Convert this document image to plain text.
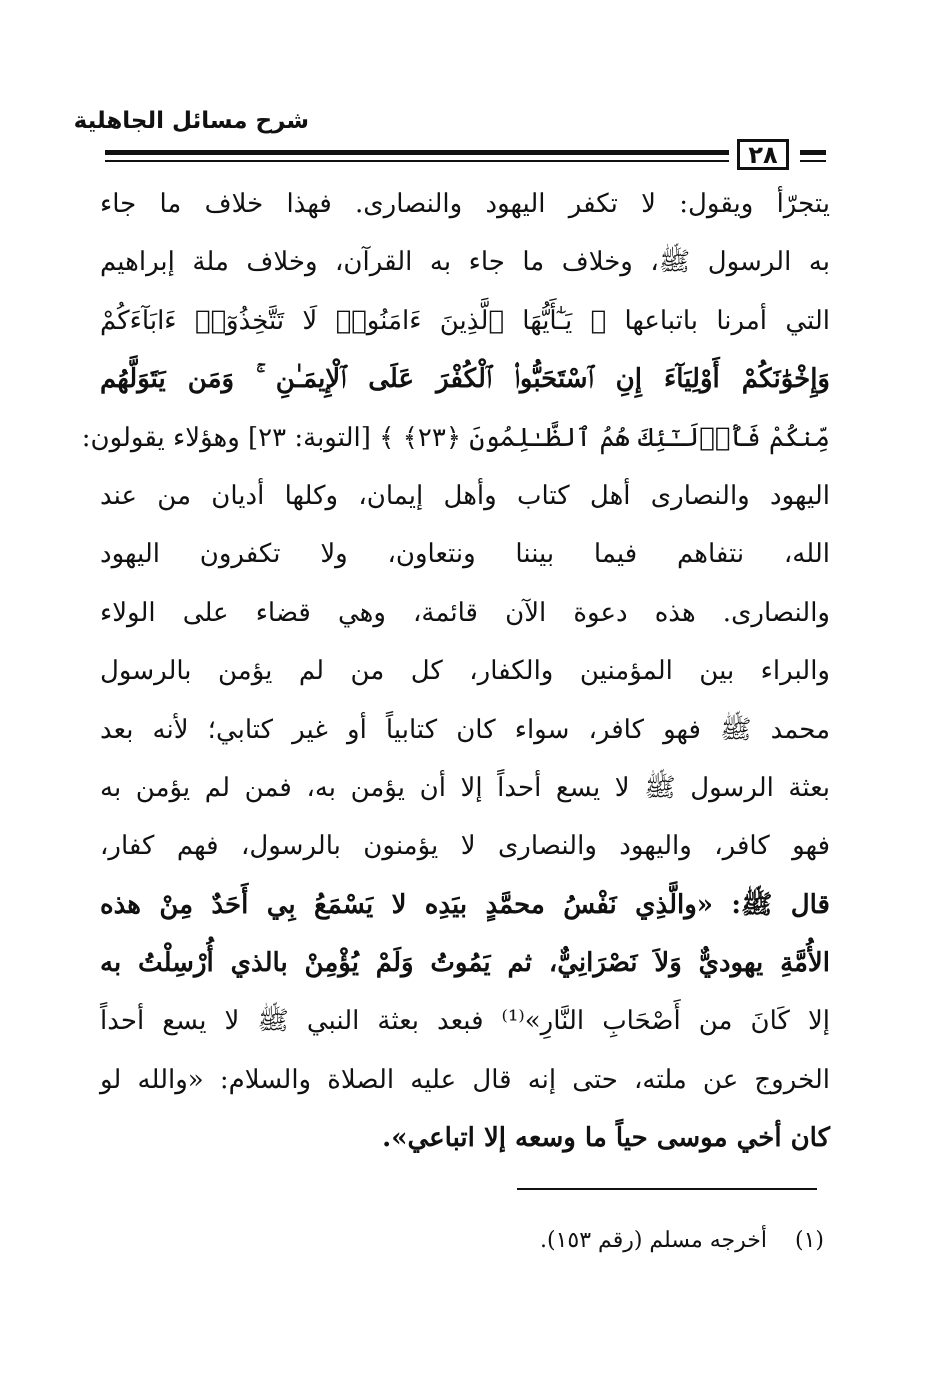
شرح مسائل الجاهلية
٢٨
يتجرّأ ويقول: لا تكفر اليهود والنصارى. فهذا خلاف ما جاء
به الرسول ﷺ، وخلاف ما جاء به القرآن، وخلاف ملة إبراهيم
التي أمرنا باتباعها ﴿ يَـٰٓأَيُّهَا ٱلَّذِينَ ءَامَنُوا۟ لَا تَتَّخِذُوٓا۟ ءَابَآءَكُمْ
وَإِخْوَٰنَكُمْ أَوْلِيَآءَ إِنِ ٱسْتَحَبُّوا۟ ٱلْكُفْرَ عَلَى ٱلْإِيمَـٰنِ ۚ وَمَن يَتَوَلَّهُم
مِّنكُمْ فَأُو۟لَـٰٓئِكَ هُمُ ٱلظَّـٰلِمُونَ ﴿٢٣﴾ ﴾ [التوبة: ٢٣] وهؤلاء يقولون:
اليهود والنصارى أهل كتاب وأهل إيمان، وكلها أديان من عند
الله، نتفاهم فيما بيننا ونتعاون، ولا تكفرون اليهود
والنصارى. هذه دعوة الآن قائمة، وهي قضاء على الولاء
والبراء بين المؤمنين والكفار، كل من لم يؤمن بالرسول
محمد ﷺ فهو كافر، سواء كان كتابياً أو غير كتابي؛ لأنه بعد
بعثة الرسول ﷺ لا يسع أحداً إلا أن يؤمن به، فمن لم يؤمن به
فهو كافر، واليهود والنصارى لا يؤمنون بالرسول، فهم كفار،
قال ﷺ: «والَّذِي نَفْسُ محمَّدٍ بيَدِه لا يَسْمَعُ بِي أَحَدٌ مِنْ هذه
الأُمَّةِ يهوديٌّ وَلاَ نَصْرَانِيٌّ، ثم يَمُوتُ وَلَمْ يُؤْمِنْ بالذي أُرْسِلْتُ به
إلا كَانَ من أَصْحَابِ النَّارِ»⁽¹⁾ فبعد بعثة النبي ﷺ لا يسع أحداً
الخروج عن ملته، حتى إنه قال عليه الصلاة والسلام: «والله لو
كان أخي موسى حياً ما وسعه إلا اتباعي».
(١)    أخرجه مسلم (رقم ١٥٣).
